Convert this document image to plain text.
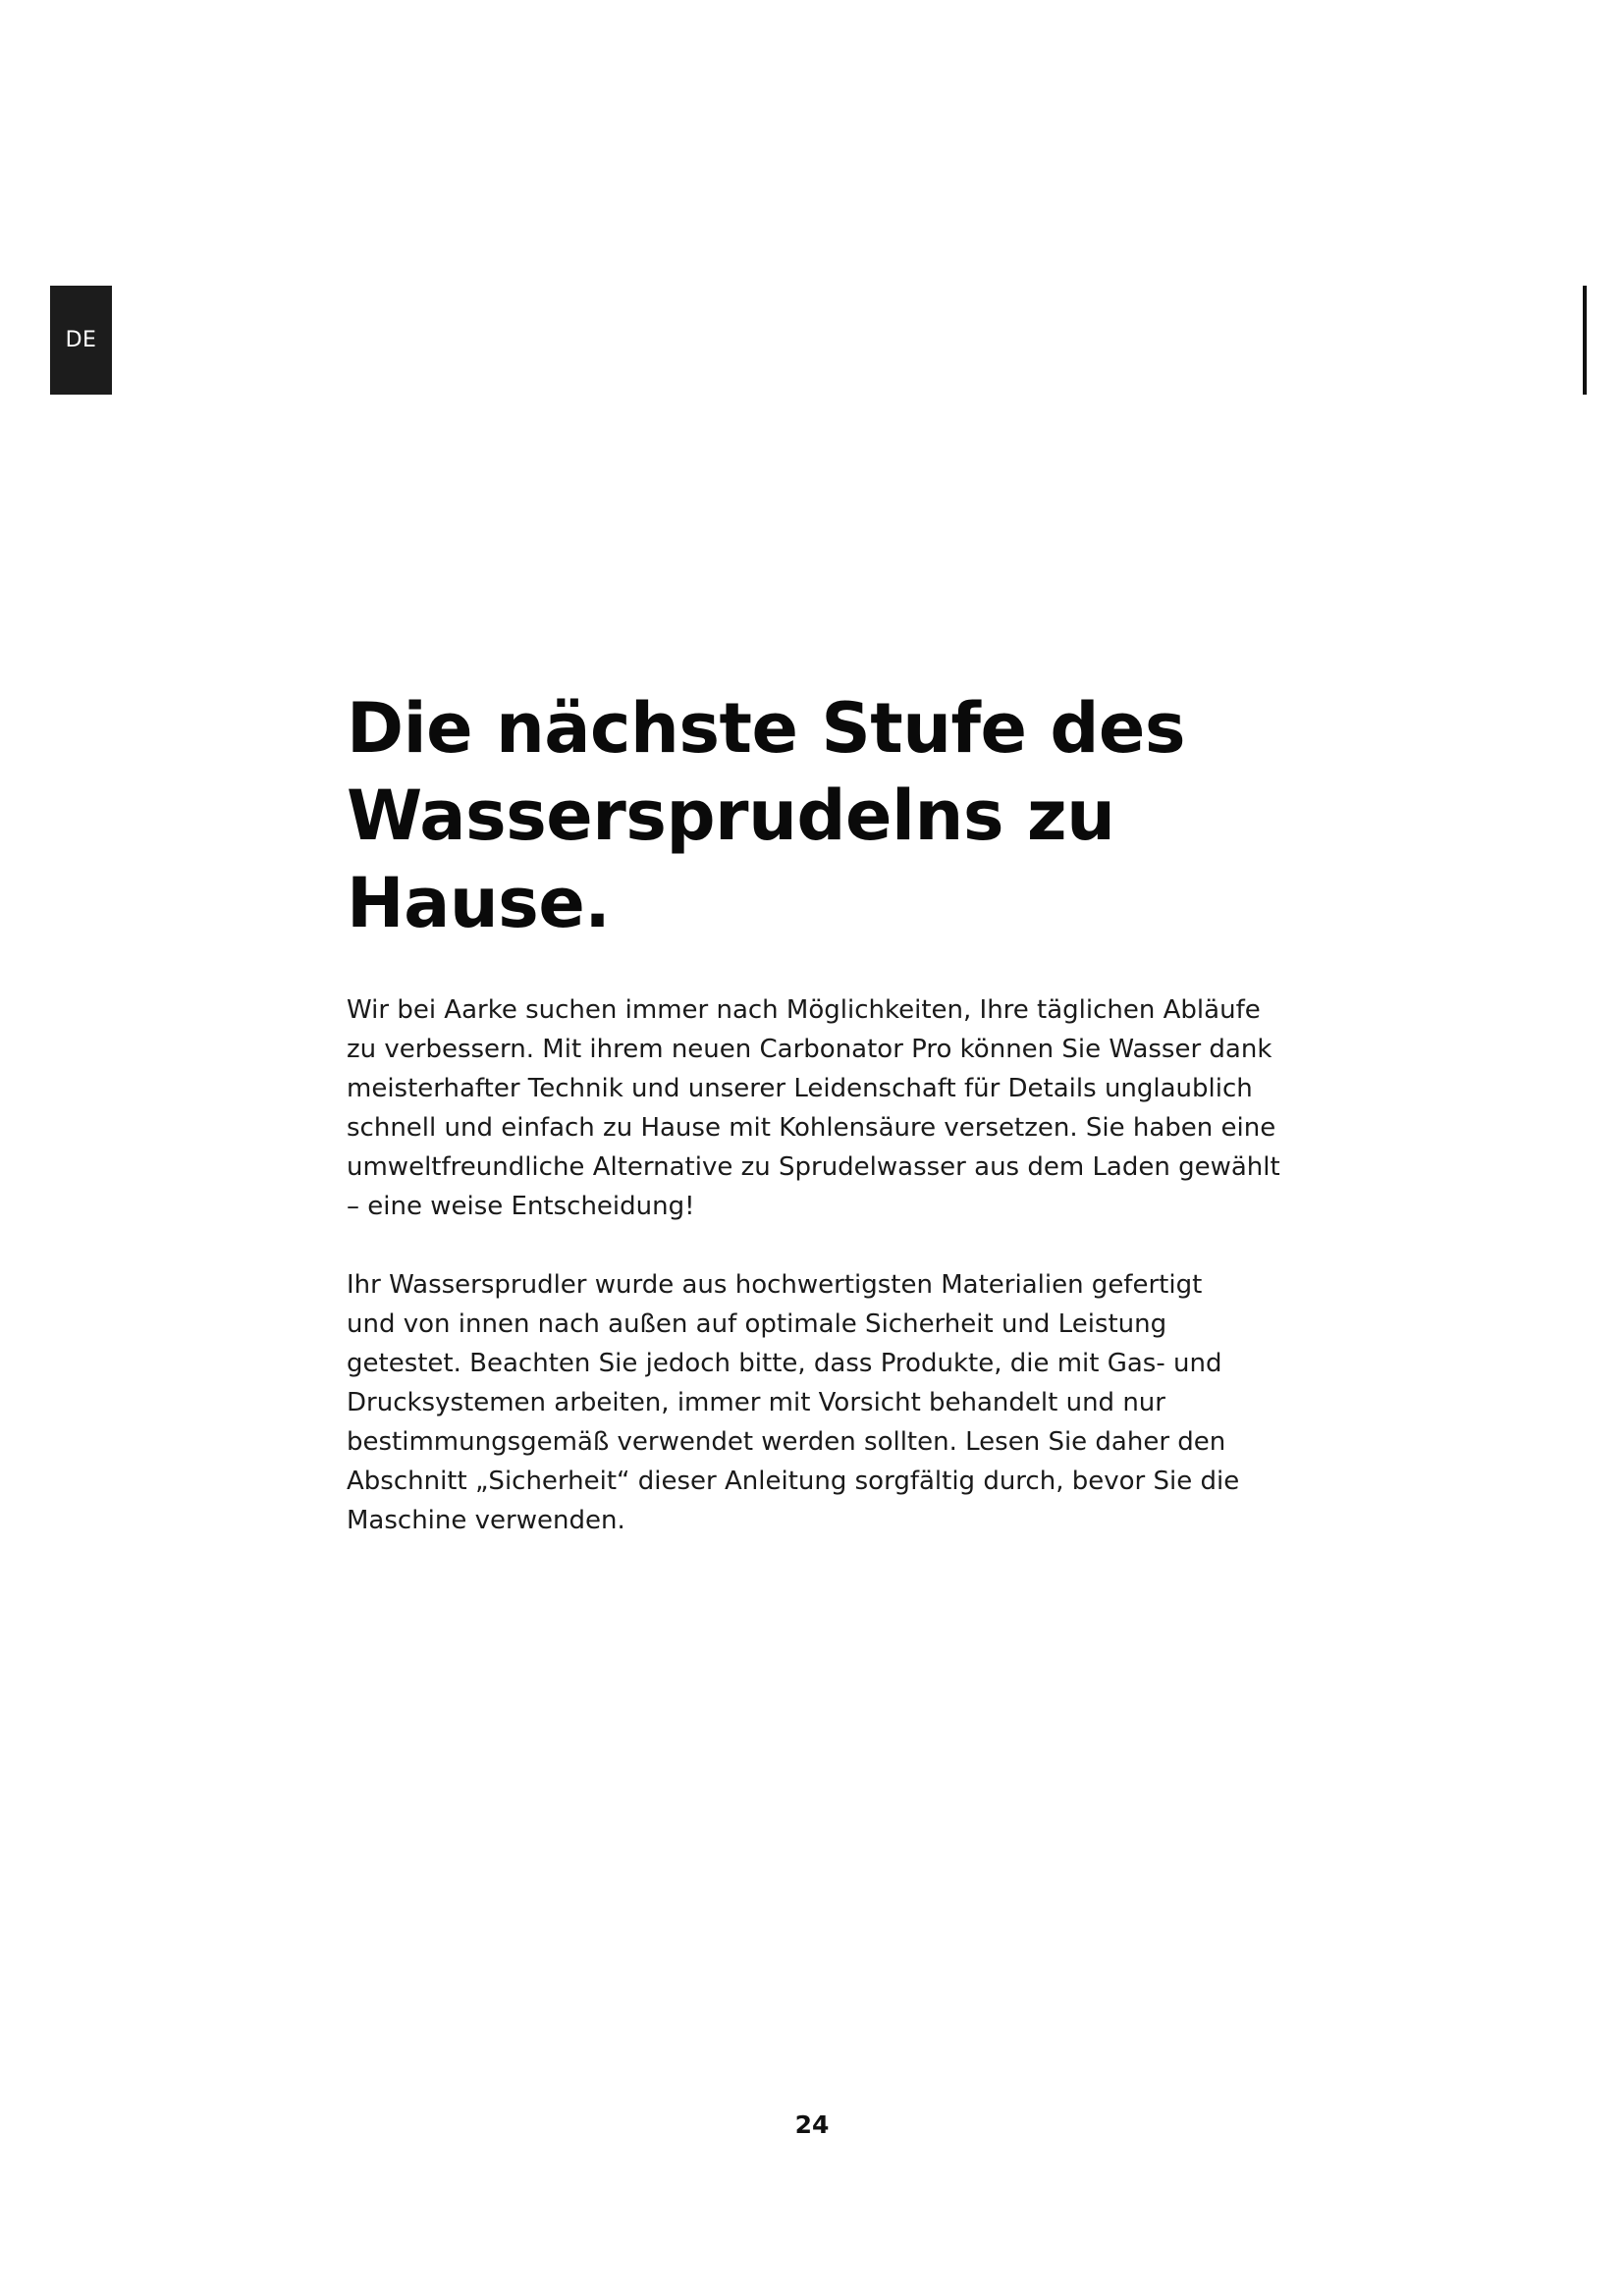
DE
Die nächste Stufe des
Wassersprudelns zu
Hause.

Wir bei Aarke suchen immer nach Möglichkeiten, Ihre täglichen Abläufe
zu verbessern. Mit ihrem neuen Carbonator Pro können Sie Wasser dank
meisterhafter Technik und unserer Leidenschaft für Details unglaublich
schnell und einfach zu Hause mit Kohlensäure versetzen. Sie haben eine
umweltfreundliche Alternative zu Sprudelwasser aus dem Laden gewählt
– eine weise Entscheidung!

Ihr Wassersprudler wurde aus hochwertigsten Materialien gefertigt
und von innen nach außen auf optimale Sicherheit und Leistung
getestet. Beachten Sie jedoch bitte, dass Produkte, die mit Gas- und
Drucksystemen arbeiten, immer mit Vorsicht behandelt und nur
bestimmungsgemäß verwendet werden sollten. Lesen Sie daher den
Abschnitt „Sicherheit“ dieser Anleitung sorgfältig durch, bevor Sie die
Maschine verwenden.

24
